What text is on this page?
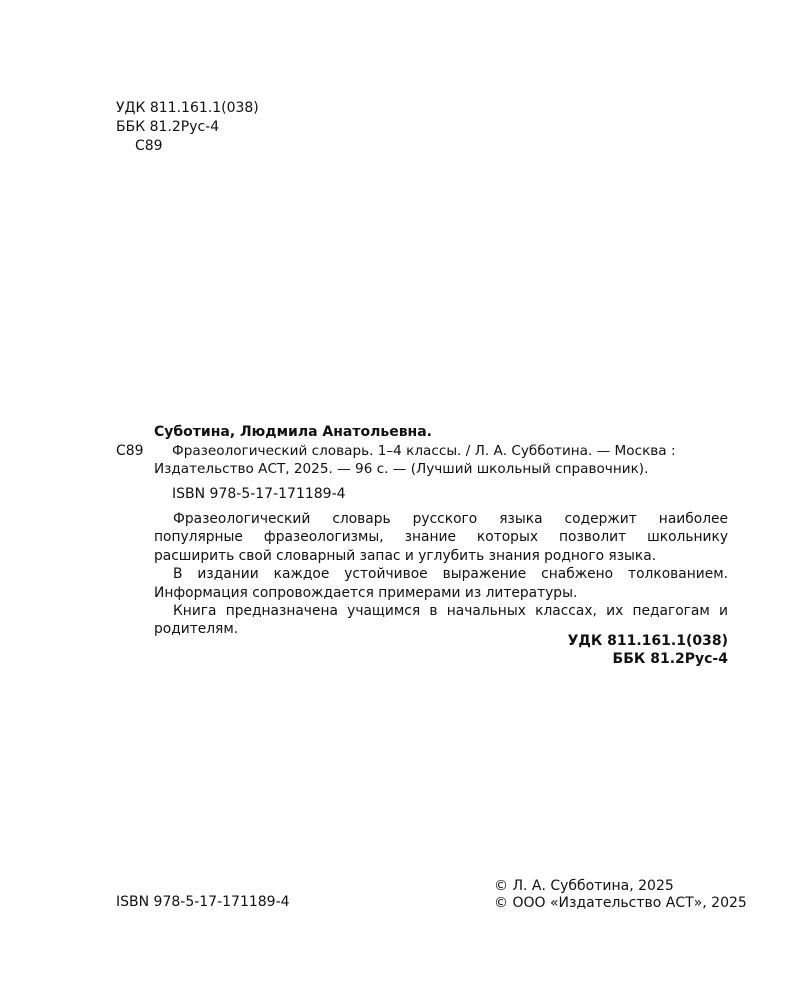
УДК 811.161.1(038)
ББК 81.2Рус-4
С89
Суботина, Людмила Анатольевна.
С89 Фразеологический словарь. 1–4 классы. / Л. А. Субботина. — Москва :
Издательство АСТ, 2025. — 96 с. — (Лучший школьный справочник).
ISBN 978-5-17-171189-4

Фразеологический словарь русского языка содержит наиболее популярные фразеологизмы, знание которых позволит школьнику расширить свой словарный запас и углубить знания родного языка.

В издании каждое устойчивое выражение снабжено толкованием. Информация сопровождается примерами из литературы.

Книга предназначена учащимся в начальных классах, их педагогам и родителям.

УДК 811.161.1(038)
ББК 81.2Рус-4
ISBN 978-5-17-171189-4
© Л. А. Субботина, 2025
© ООО «Издательство АСТ», 2025
